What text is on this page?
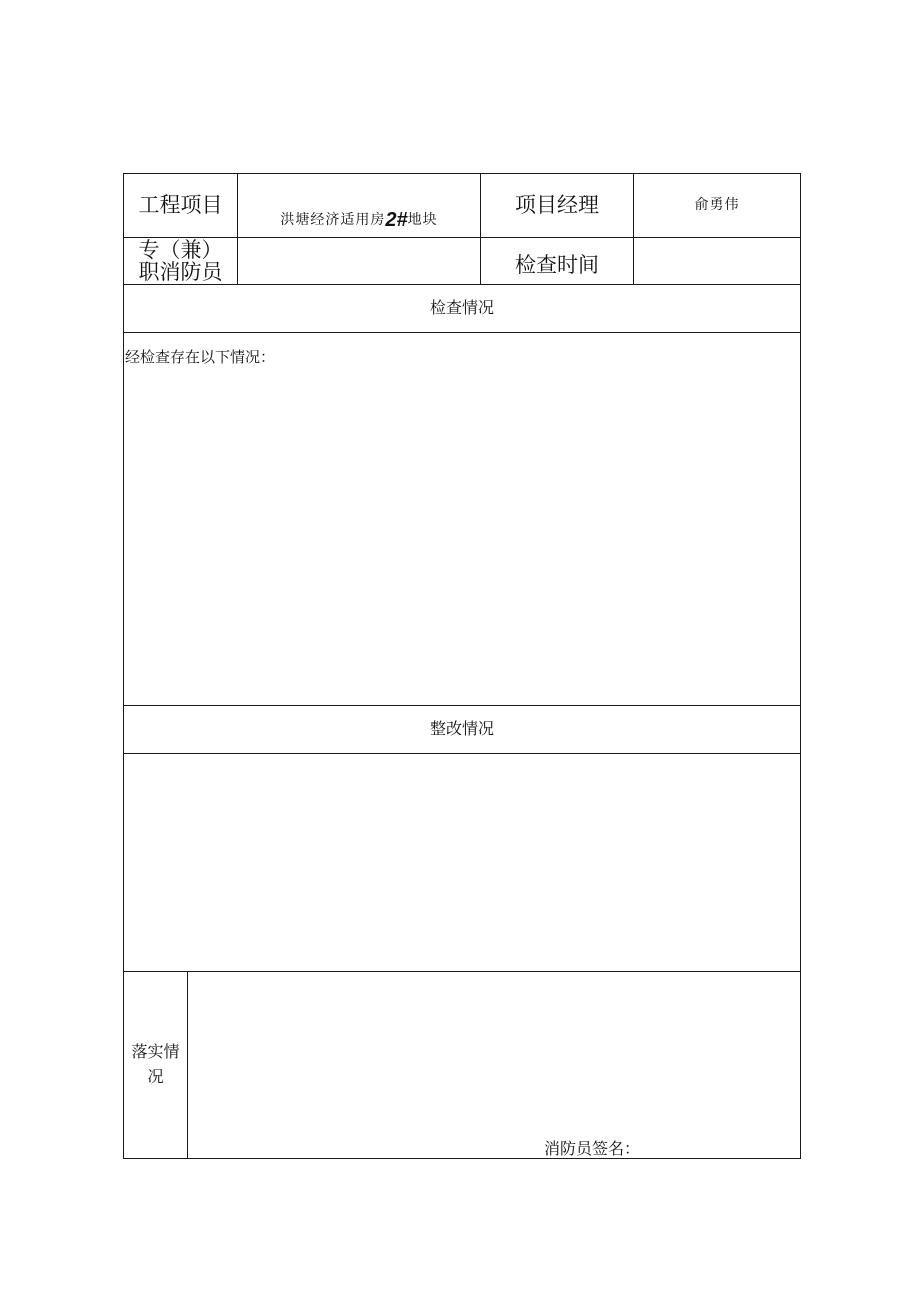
工程项目
洪塘经济适用房 2# 地块
项目经理	俞勇伟
专（兼）
职消防员	检查时间
检查情况
经检查存在以下情况：
整改情况
落实情
况
消防员签名：
